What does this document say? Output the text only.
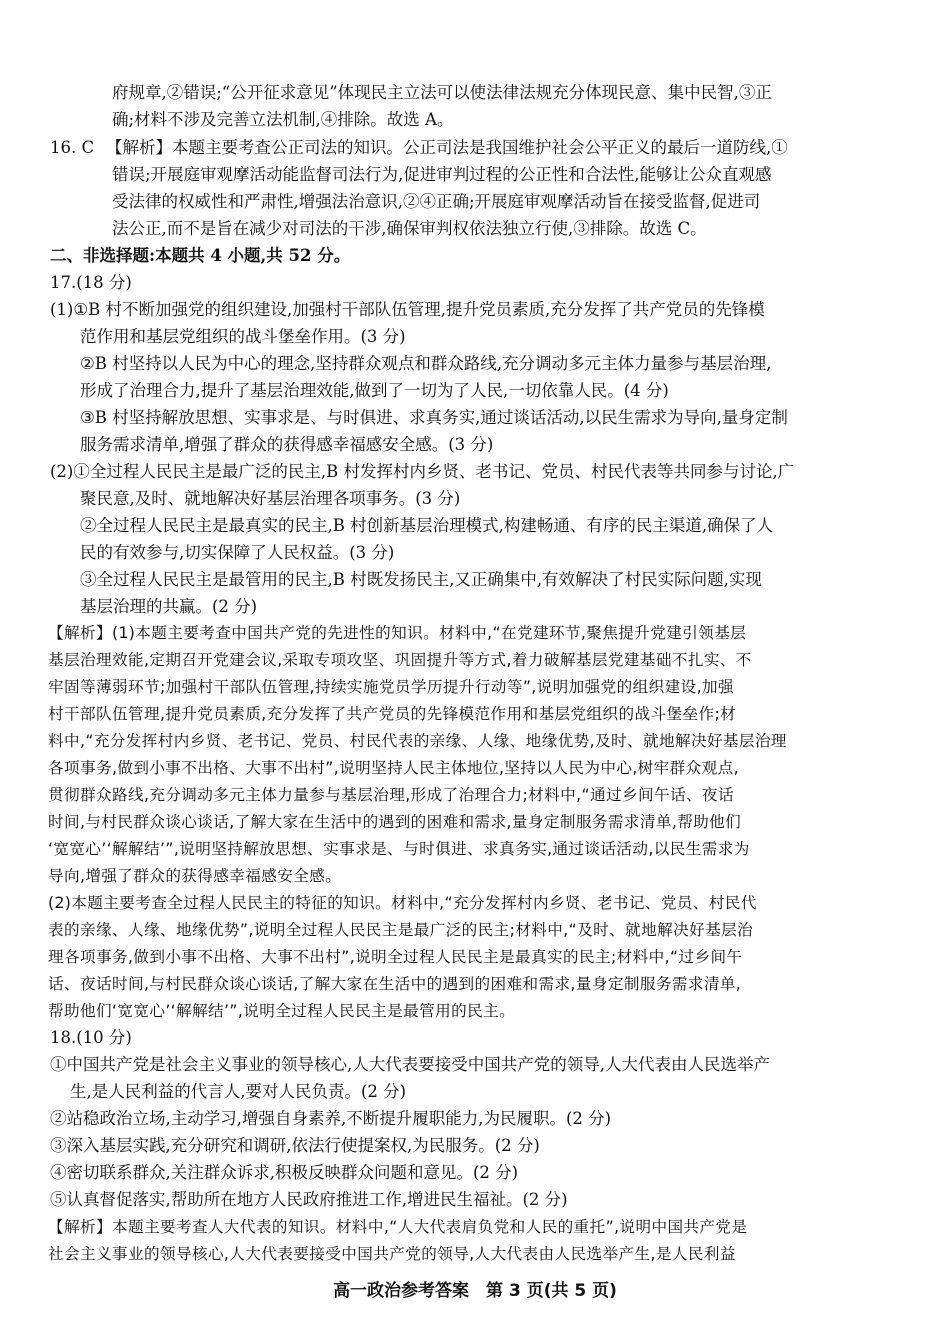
府规章,②错误;“公开征求意见”体现民主立法可以使法律法规充分体现民意、集中民智,③正
确;材料不涉及完善立法机制,④排除。故选 A。
16. C 【解析】本题主要考查公正司法的知识。公正司法是我国维护社会公平正义的最后一道防线,①
错误;开展庭审观摩活动能监督司法行为,促进审判过程的公正性和合法性,能够让公众直观感
受法律的权威性和严肃性,增强法治意识,②④正确;开展庭审观摩活动旨在接受监督,促进司
法公正,而不是旨在减少对司法的干涉,确保审判权依法独立行使,③排除。故选 C。
二、非选择题:本题共 4 小题,共 52 分。
17.(18 分)
(1)①B 村不断加强党的组织建设,加强村干部队伍管理,提升党员素质,充分发挥了共产党员的先锋模
范作用和基层党组织的战斗堡垒作用。(3 分)
②B 村坚持以人民为中心的理念,坚持群众观点和群众路线,充分调动多元主体力量参与基层治理,
形成了治理合力,提升了基层治理效能,做到了一切为了人民,一切依靠人民。(4 分)
③B 村坚持解放思想、实事求是、与时俱进、求真务实,通过谈话活动,以民生需求为导向,量身定制
服务需求清单,增强了群众的获得感幸福感安全感。(3 分)
(2)①全过程人民民主是最广泛的民主,B 村发挥村内乡贤、老书记、党员、村民代表等共同参与讨论,广
聚民意,及时、就地解决好基层治理各项事务。(3 分)
②全过程人民民主是最真实的民主,B 村创新基层治理模式,构建畅通、有序的民主渠道,确保了人
民的有效参与,切实保障了人民权益。(3 分)
③全过程人民民主是最管用的民主,B 村既发扬民主,又正确集中,有效解决了村民实际问题,实现
基层治理的共赢。(2 分)
【解析】(1)本题主要考查中国共产党的先进性的知识。材料中,“在党建环节,聚焦提升党建引领基层
基层治理效能,定期召开党建会议,采取专项攻坚、巩固提升等方式,着力破解基层党建基础不扎实、不
牢固等薄弱环节;加强村干部队伍管理,持续实施党员学历提升行动等”,说明加强党的组织建设,加强
村干部队伍管理,提升党员素质,充分发挥了共产党员的先锋模范作用和基层党组织的战斗堡垒作;材
料中,“充分发挥村内乡贤、老书记、党员、村民代表的亲缘、人缘、地缘优势,及时、就地解决好基层治理
各项事务,做到小事不出格、大事不出村”,说明坚持人民主体地位,坚持以人民为中心,树牢群众观点,
贯彻群众路线,充分调动多元主体力量参与基层治理,形成了治理合力;材料中,“通过乡间午话、夜话
时间,与村民群众谈心谈话,了解大家在生活中的遇到的困难和需求,量身定制服务需求清单,帮助他们
‘宽宽心’‘解解结’”,说明坚持解放思想、实事求是、与时俱进、求真务实,通过谈话活动,以民生需求为
导向,增强了群众的获得感幸福感安全感。
(2)本题主要考查全过程人民民主的特征的知识。材料中,“充分发挥村内乡贤、老书记、党员、村民代
表的亲缘、人缘、地缘优势”,说明全过程人民民主是最广泛的民主;材料中,“及时、就地解决好基层治
理各项事务,做到小事不出格、大事不出村”,说明全过程人民民主是最真实的民主;材料中,“过乡间午
话、夜话时间,与村民群众谈心谈话,了解大家在生活中的遇到的困难和需求,量身定制服务需求清单,
帮助他们‘宽宽心’‘解解结’”,说明全过程人民民主是最管用的民主。
18.(10 分)
①中国共产党是社会主义事业的领导核心,人大代表要接受中国共产党的领导,人大代表由人民选举产
生,是人民利益的代言人,要对人民负责。(2 分)
②站稳政治立场,主动学习,增强自身素养,不断提升履职能力,为民履职。(2 分)
③深入基层实践,充分研究和调研,依法行使提案权,为民服务。(2 分)
④密切联系群众,关注群众诉求,积极反映群众问题和意见。(2 分)
⑤认真督促落实,帮助所在地方人民政府推进工作,增进民生福祉。(2 分)
【解析】本题主要考查人大代表的知识。材料中,“人大代表肩负党和人民的重托”,说明中国共产党是
社会主义事业的领导核心,人大代表要接受中国共产党的领导,人大代表由人民选举产生,是人民利益
高一政治参考答案　第 3 页(共 5 页)
